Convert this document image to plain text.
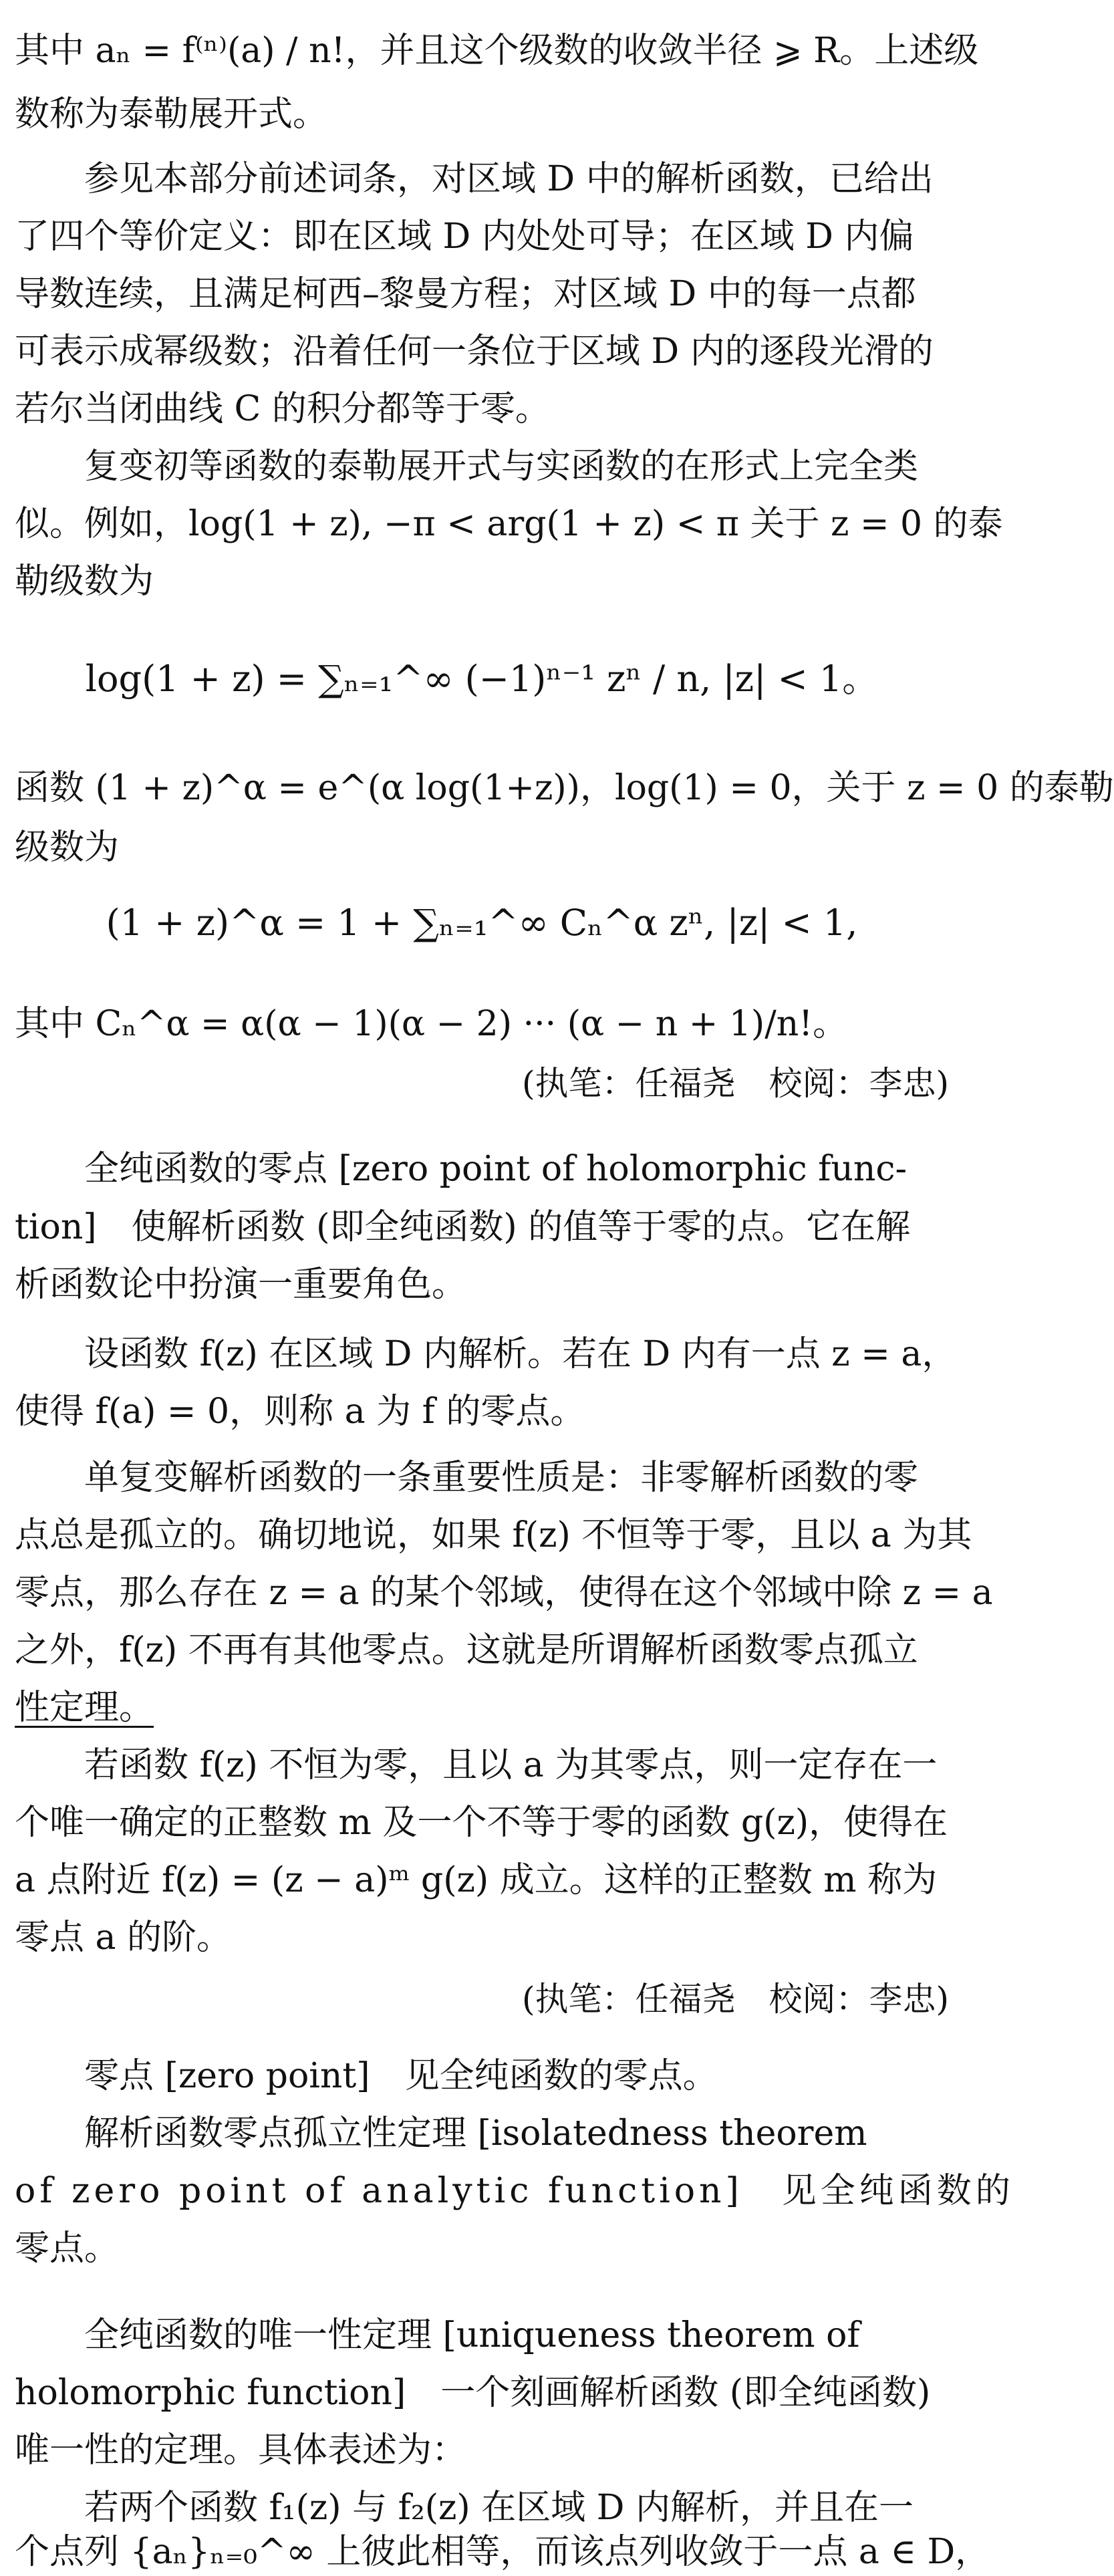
其中 aₙ = f⁽ⁿ⁾(a) / n!，并且这个级数的收敛半径 ⩾ R。上述级

数称为泰勒展开式。

参见本部分前述词条，对区域 D 中的解析函数，已给出

了四个等价定义：即在区域 D 内处处可导；在区域 D 内偏

导数连续，且满足柯西–黎曼方程；对区域 D 中的每一点都

可表示成幂级数；沿着任何一条位于区域 D 内的逐段光滑的

若尔当闭曲线 C 的积分都等于零。

复变初等函数的泰勒展开式与实函数的在形式上完全类

似。例如，log(1 + z), −π < arg(1 + z) < π 关于 z = 0 的泰

勒级数为

log(1 + z) = ∑ₙ₌₁^∞ (−1)ⁿ⁻¹ zⁿ / n, |z| < 1。

函数 (1 + z)^α = e^(α log(1+z))，log(1) = 0，关于 z = 0 的泰勒

级数为

(1 + z)^α = 1 + ∑ₙ₌₁^∞ Cₙ^α zⁿ, |z| < 1,

其中 Cₙ^α = α(α − 1)(α − 2) ··· (α − n + 1)/n!。

(执笔：任福尧　校阅：李忠)

全纯函数的零点 [zero point of holomorphic func-

tion]　使解析函数 (即全纯函数) 的值等于零的点。它在解

析函数论中扮演一重要角色。

设函数 f(z) 在区域 D 内解析。若在 D 内有一点 z = a，

使得 f(a) = 0，则称 a 为 f 的零点。

单复变解析函数的一条重要性质是：非零解析函数的零

点总是孤立的。确切地说，如果 f(z) 不恒等于零，且以 a 为其

零点，那么存在 z = a 的某个邻域，使得在这个邻域中除 z = a

之外，f(z) 不再有其他零点。这就是所谓解析函数零点孤立

性定理。

若函数 f(z) 不恒为零，且以 a 为其零点，则一定存在一

个唯一确定的正整数 m 及一个不等于零的函数 g(z)，使得在

a 点附近 f(z) = (z − a)ᵐ g(z) 成立。这样的正整数 m 称为

零点 a 的阶。

(执笔：任福尧　校阅：李忠)

零点 [zero point]　见全纯函数的零点。

解析函数零点孤立性定理 [isolatedness theorem

of zero point of analytic function]　见全纯函数的

零点。

全纯函数的唯一性定理 [uniqueness theorem of

holomorphic function]　一个刻画解析函数 (即全纯函数)

唯一性的定理。具体表述为：

若两个函数 f₁(z) 与 f₂(z) 在区域 D 内解析，并且在一

个点列 {aₙ}ₙ₌₀^∞ 上彼此相等，而该点列收敛于一点 a ∈ D，
